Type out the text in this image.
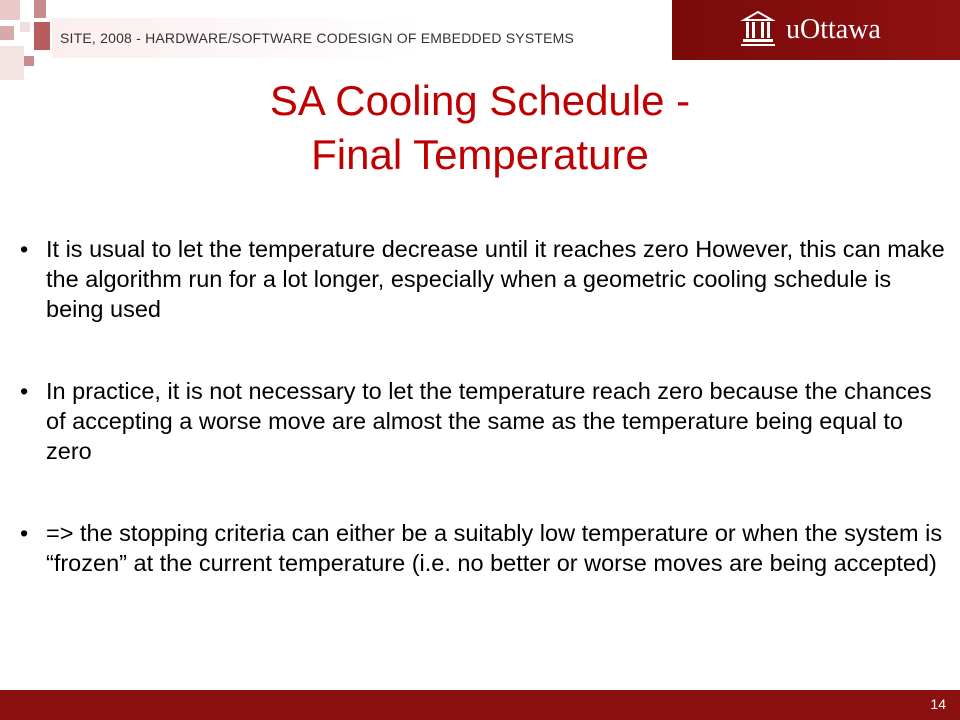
SITE, 2008 - HARDWARE/SOFTWARE CODESIGN OF EMBEDDED SYSTEMS	uOttawa
SA Cooling Schedule -
Final Temperature
• It is usual to let the temperature decrease until it reaches zero However, this can make the algorithm run for a lot longer, especially when a geometric cooling schedule is being used
• In practice, it is not necessary to let the temperature reach zero because the chances of accepting a worse move are almost the same as the temperature being equal to zero
• => the stopping criteria can either be a suitably low temperature or when the system is “frozen” at the current temperature (i.e. no better or worse moves are being accepted)
14
